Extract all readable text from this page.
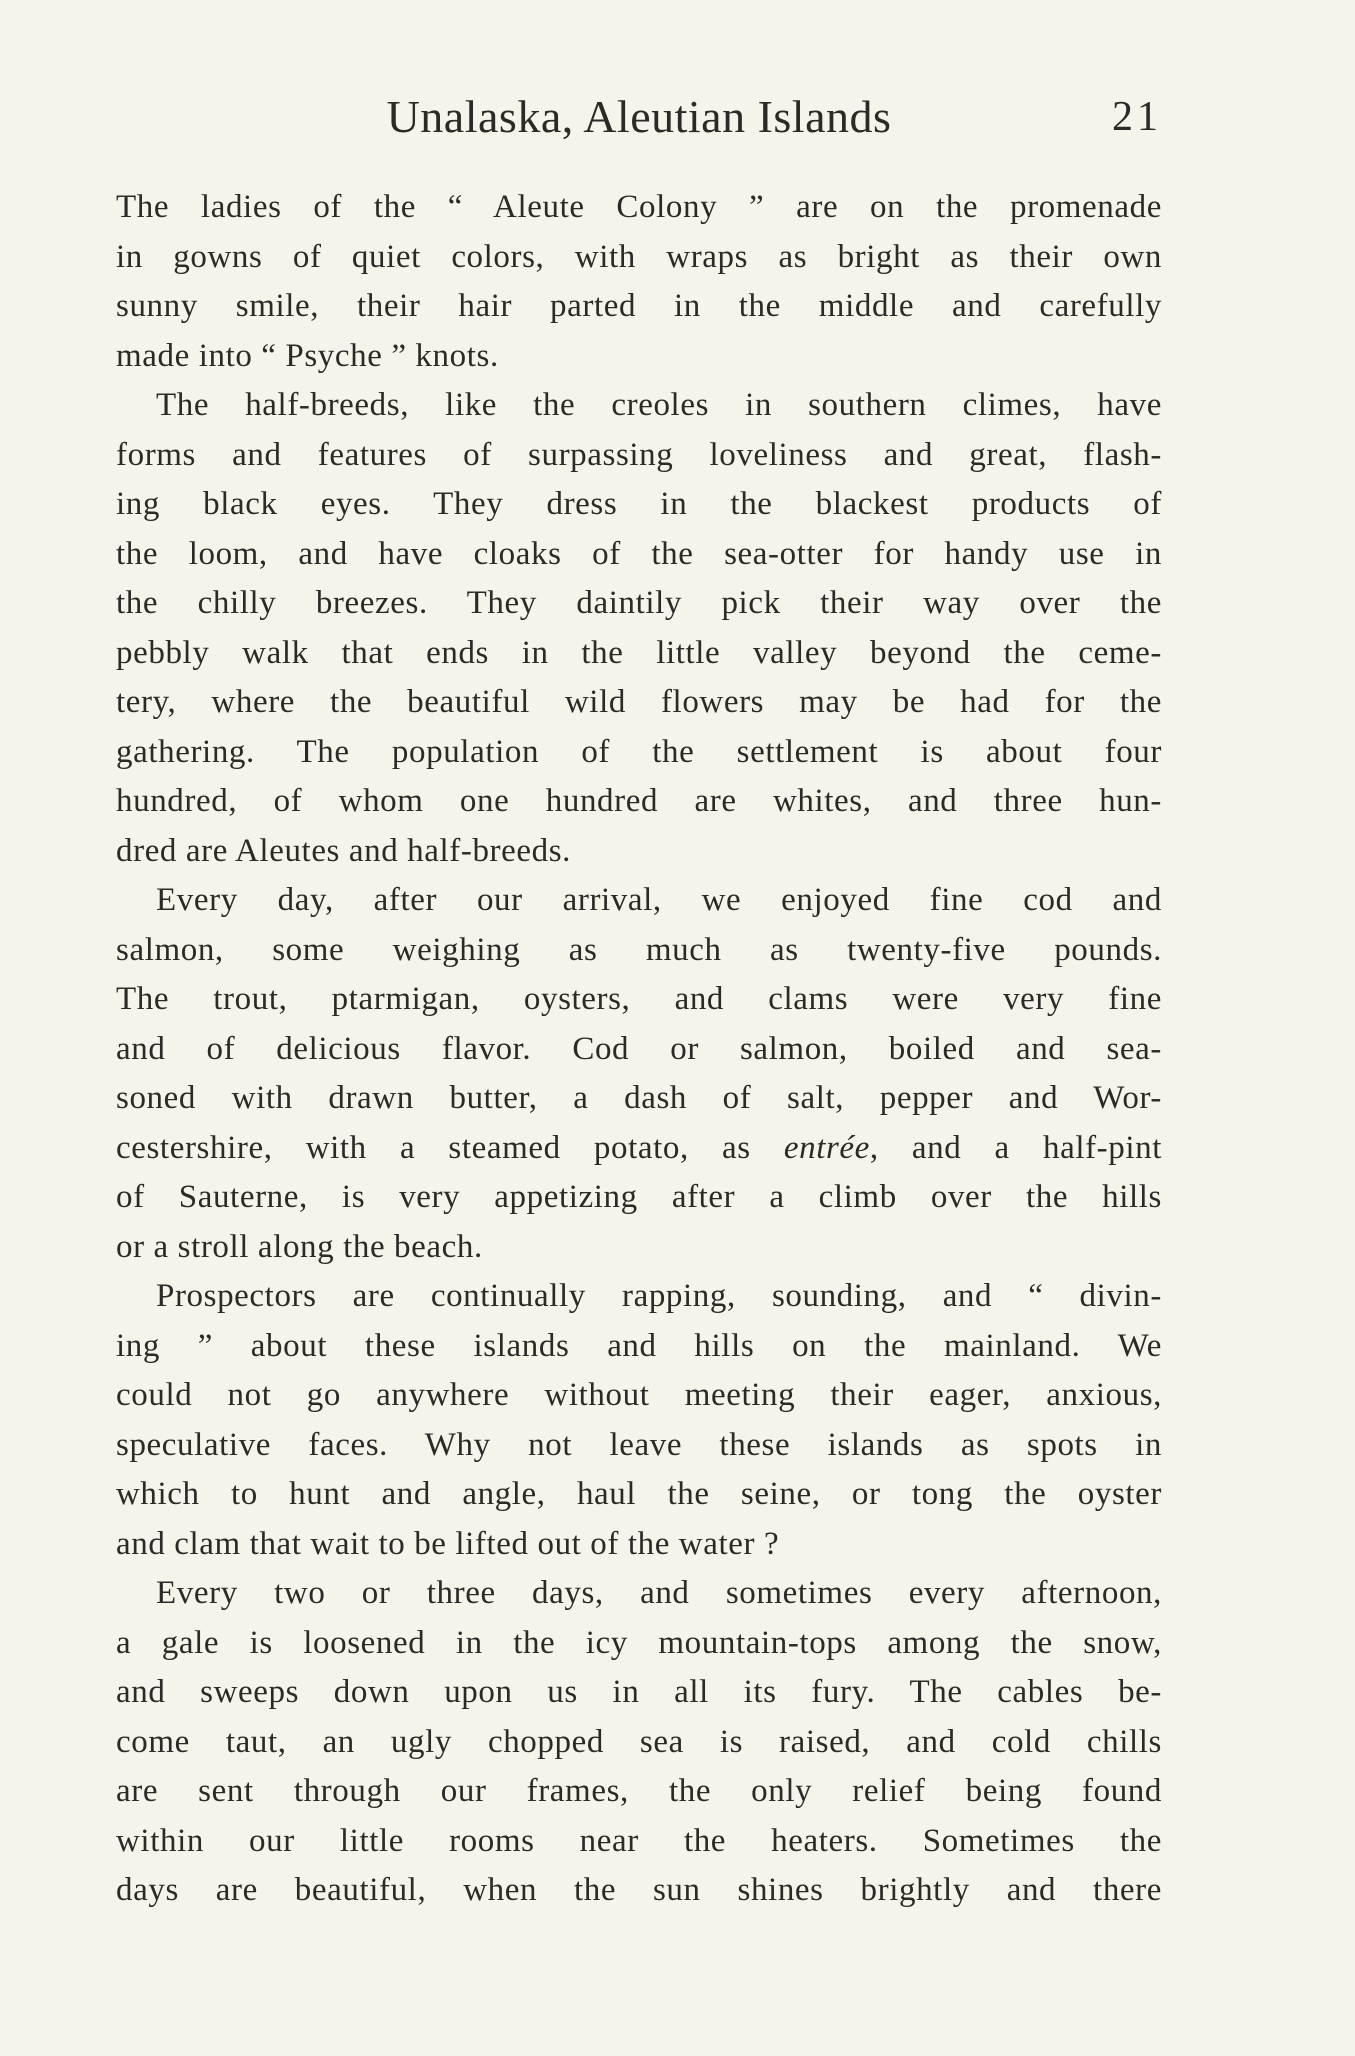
Unalaska, Aleutian Islands	21
The ladies of the “ Aleute Colony ” are on the promenade
in gowns of quiet colors, with wraps as bright as their own
sunny smile, their hair parted in the middle and carefully
made into “ Psyche ” knots.
The half-breeds, like the creoles in southern climes, have
forms and features of surpassing loveliness and great, flash-
ing black eyes. They dress in the blackest products of
the loom, and have cloaks of the sea-otter for handy use in
the chilly breezes. They daintily pick their way over the
pebbly walk that ends in the little valley beyond the ceme-
tery, where the beautiful wild flowers may be had for the
gathering. The population of the settlement is about four
hundred, of whom one hundred are whites, and three hun-
dred are Aleutes and half-breeds.
Every day, after our arrival, we enjoyed fine cod and
salmon, some weighing as much as twenty-five pounds.
The trout, ptarmigan, oysters, and clams were very fine
and of delicious flavor. Cod or salmon, boiled and sea-
soned with drawn butter, a dash of salt, pepper and Wor-
cestershire, with a steamed potato, as entrée, and a half-pint
of Sauterne, is very appetizing after a climb over the hills
or a stroll along the beach.
Prospectors are continually rapping, sounding, and “ divin-
ing ” about these islands and hills on the mainland. We
could not go anywhere without meeting their eager, anxious,
speculative faces. Why not leave these islands as spots in
which to hunt and angle, haul the seine, or tong the oyster
and clam that wait to be lifted out of the water ?
Every two or three days, and sometimes every afternoon,
a gale is loosened in the icy mountain-tops among the snow,
and sweeps down upon us in all its fury. The cables be-
come taut, an ugly chopped sea is raised, and cold chills
are sent through our frames, the only relief being found
within our little rooms near the heaters. Sometimes the
days are beautiful, when the sun shines brightly and there
